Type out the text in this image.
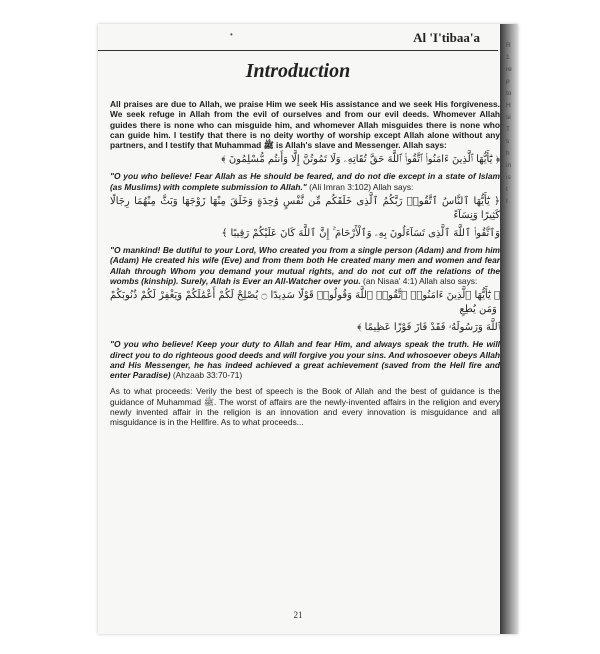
•	Al 'I'tibaa'a
Introduction

All praises are due to Allah, we praise Him we seek His assistance and we seek His forgiveness. We seek refuge in Allah from the evil of ourselves and from our evil deeds. Whomever Allah guides there is none who can misguide him, and whomever Allah misguides there is none who can guide him. I testify that there is no deity worthy of worship except Allah alone without any partners, and I testify that Muhammad ﷺ is Allah's slave and Messenger. Allah says:

﴿ يَٰٓأَيُّهَا ٱلَّذِينَ ءَامَنُوا۟ ٱتَّقُوا۟ ٱللَّهَ حَقَّ تُقَاتِهِۦ وَلَا تَمُوتُنَّ إِلَّا وَأَنتُم مُّسْلِمُونَ ﴾

"O you who believe! Fear Allah as He should be feared, and do not die except in a state of Islam (as Muslims) with complete submission to Allah." (Ali Imran 3:102) Allah says:

﴿ يَٰٓأَيُّهَا ٱلنَّاسُ ٱتَّقُوا۟ رَبَّكُمُ ٱلَّذِى خَلَقَكُم مِّن نَّفْسٍ وَٰحِدَةٍ وَخَلَقَ مِنْهَا زَوْجَهَا وَبَثَّ مِنْهُمَا رِجَالًا كَثِيرًا وَنِسَآءً

وَٱتَّقُوا۟ ٱللَّهَ ٱلَّذِى تَسَآءَلُونَ بِهِۦ وَٱلْأَرْحَامَ ۚ إِنَّ ٱللَّهَ كَانَ عَلَيْكُمْ رَقِيبًا ﴾

"O mankind! Be dutiful to your Lord, Who created you from a single person (Adam) and from him (Adam) He created his wife (Eve) and from them both He created many men and women and fear Allah through Whom you demand your mutual rights, and do not cut off the relations of the wombs (kinship). Surely, Allah is Ever an All-Watcher over you. (an Nisaa' 4:1) Allah also says:

﴿ يَٰٓأَيُّهَا ٱلَّذِينَ ءَامَنُوا۟ ٱتَّقُوا۟ ٱللَّهَ وَقُولُوا۟ قَوْلًا سَدِيدًا ۝ يُصْلِحْ لَكُمْ أَعْمَٰلَكُمْ وَيَغْفِرْ لَكُمْ ذُنُوبَكُمْ ۗ وَمَن يُطِعِ

ٱللَّهَ وَرَسُولَهُۥ فَقَدْ فَازَ فَوْزًا عَظِيمًا ﴾

"O you who believe! Keep your duty to Allah and fear Him, and always speak the truth. He will direct you to do righteous good deeds and will forgive you your sins. And whosoever obeys Allah and His Messenger, he has indeed achieved a great achievement (saved from the Hell fire and enter Paradise) (Ahzaab 33:70-71)

As to what proceeds: Verily the best of speech is the Book of Allah and the best of guidance is the guidance of Muhammad ﷺ. The worst of affairs are the newly-invented affairs in the religion and every newly invented affair in the religion is an innovation and every innovation is misguidance and all misguidance is in the Hellfire. As to what proceeds...

21
R
1
re
p
to
H
si
T
s
h
in
is
t
I
